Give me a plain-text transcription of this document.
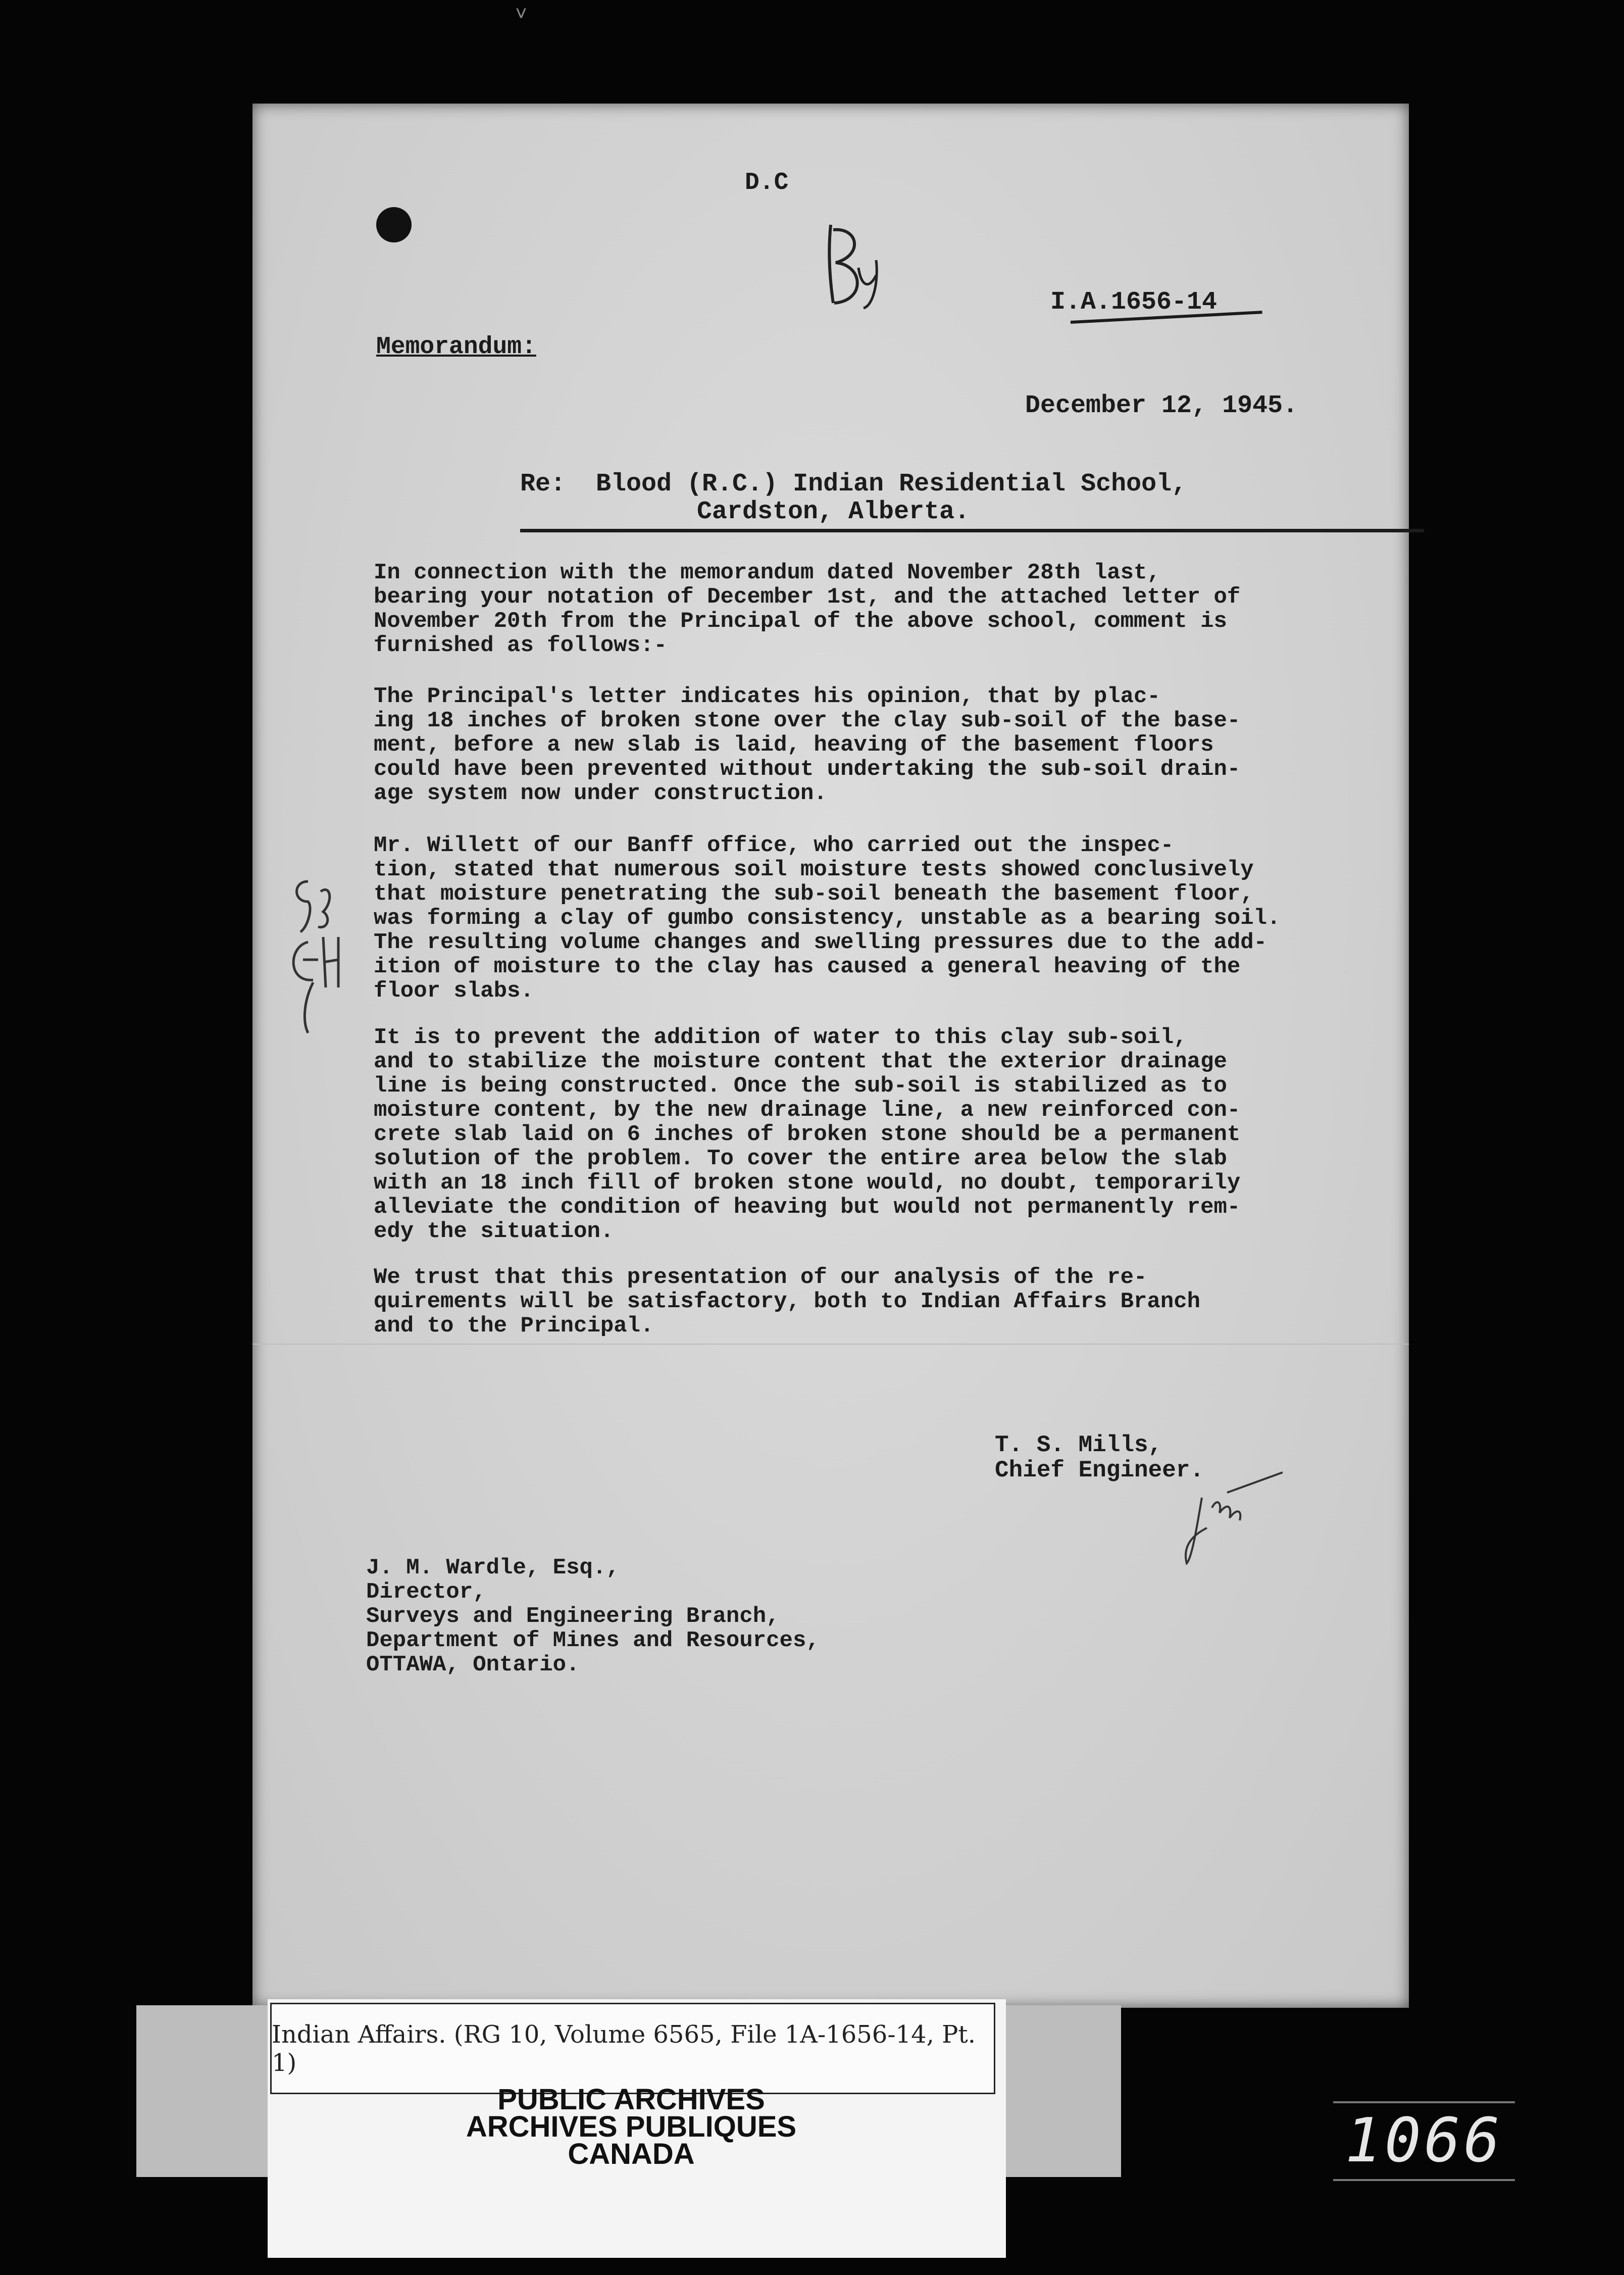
˅
D.C
I.A.1656-14
Memorandum:
December 12, 1945.
Re: Blood (R.C.) Indian Residential School,
Cardston, Alberta.
In connection with the memorandum dated November 28th last,
bearing your notation of December 1st, and the attached letter of
November 20th from the Principal of the above school, comment is
furnished as follows:-
The Principal's letter indicates his opinion, that by plac-
ing 18 inches of broken stone over the clay sub-soil of the base-
ment, before a new slab is laid, heaving of the basement floors
could have been prevented without undertaking the sub-soil drain-
age system now under construction.
Mr. Willett of our Banff office, who carried out the inspec-
tion, stated that numerous soil moisture tests showed conclusively
that moisture penetrating the sub-soil beneath the basement floor,
was forming a clay of gumbo consistency, unstable as a bearing soil.
The resulting volume changes and swelling pressures due to the add-
ition of moisture to the clay has caused a general heaving of the
floor slabs.
It is to prevent the addition of water to this clay sub-soil,
and to stabilize the moisture content that the exterior drainage
line is being constructed. Once the sub-soil is stabilized as to
moisture content, by the new drainage line, a new reinforced con-
crete slab laid on 6 inches of broken stone should be a permanent
solution of the problem. To cover the entire area below the slab
with an 18 inch fill of broken stone would, no doubt, temporarily
alleviate the condition of heaving but would not permanently rem-
edy the situation.
We trust that this presentation of our analysis of the re-
quirements will be satisfactory, both to Indian Affairs Branch
and to the Principal.
T. S. Mills,
Chief Engineer.
J. M. Wardle, Esq.,
Director,
Surveys and Engineering Branch,
Department of Mines and Resources,
OTTAWA, Ontario.
Indian Affairs. (RG 10, Volume 6565, File 1A-1656-14, Pt. 1)
PUBLIC ARCHIVES
ARCHIVES PUBLIQUES
CANADA	1066
